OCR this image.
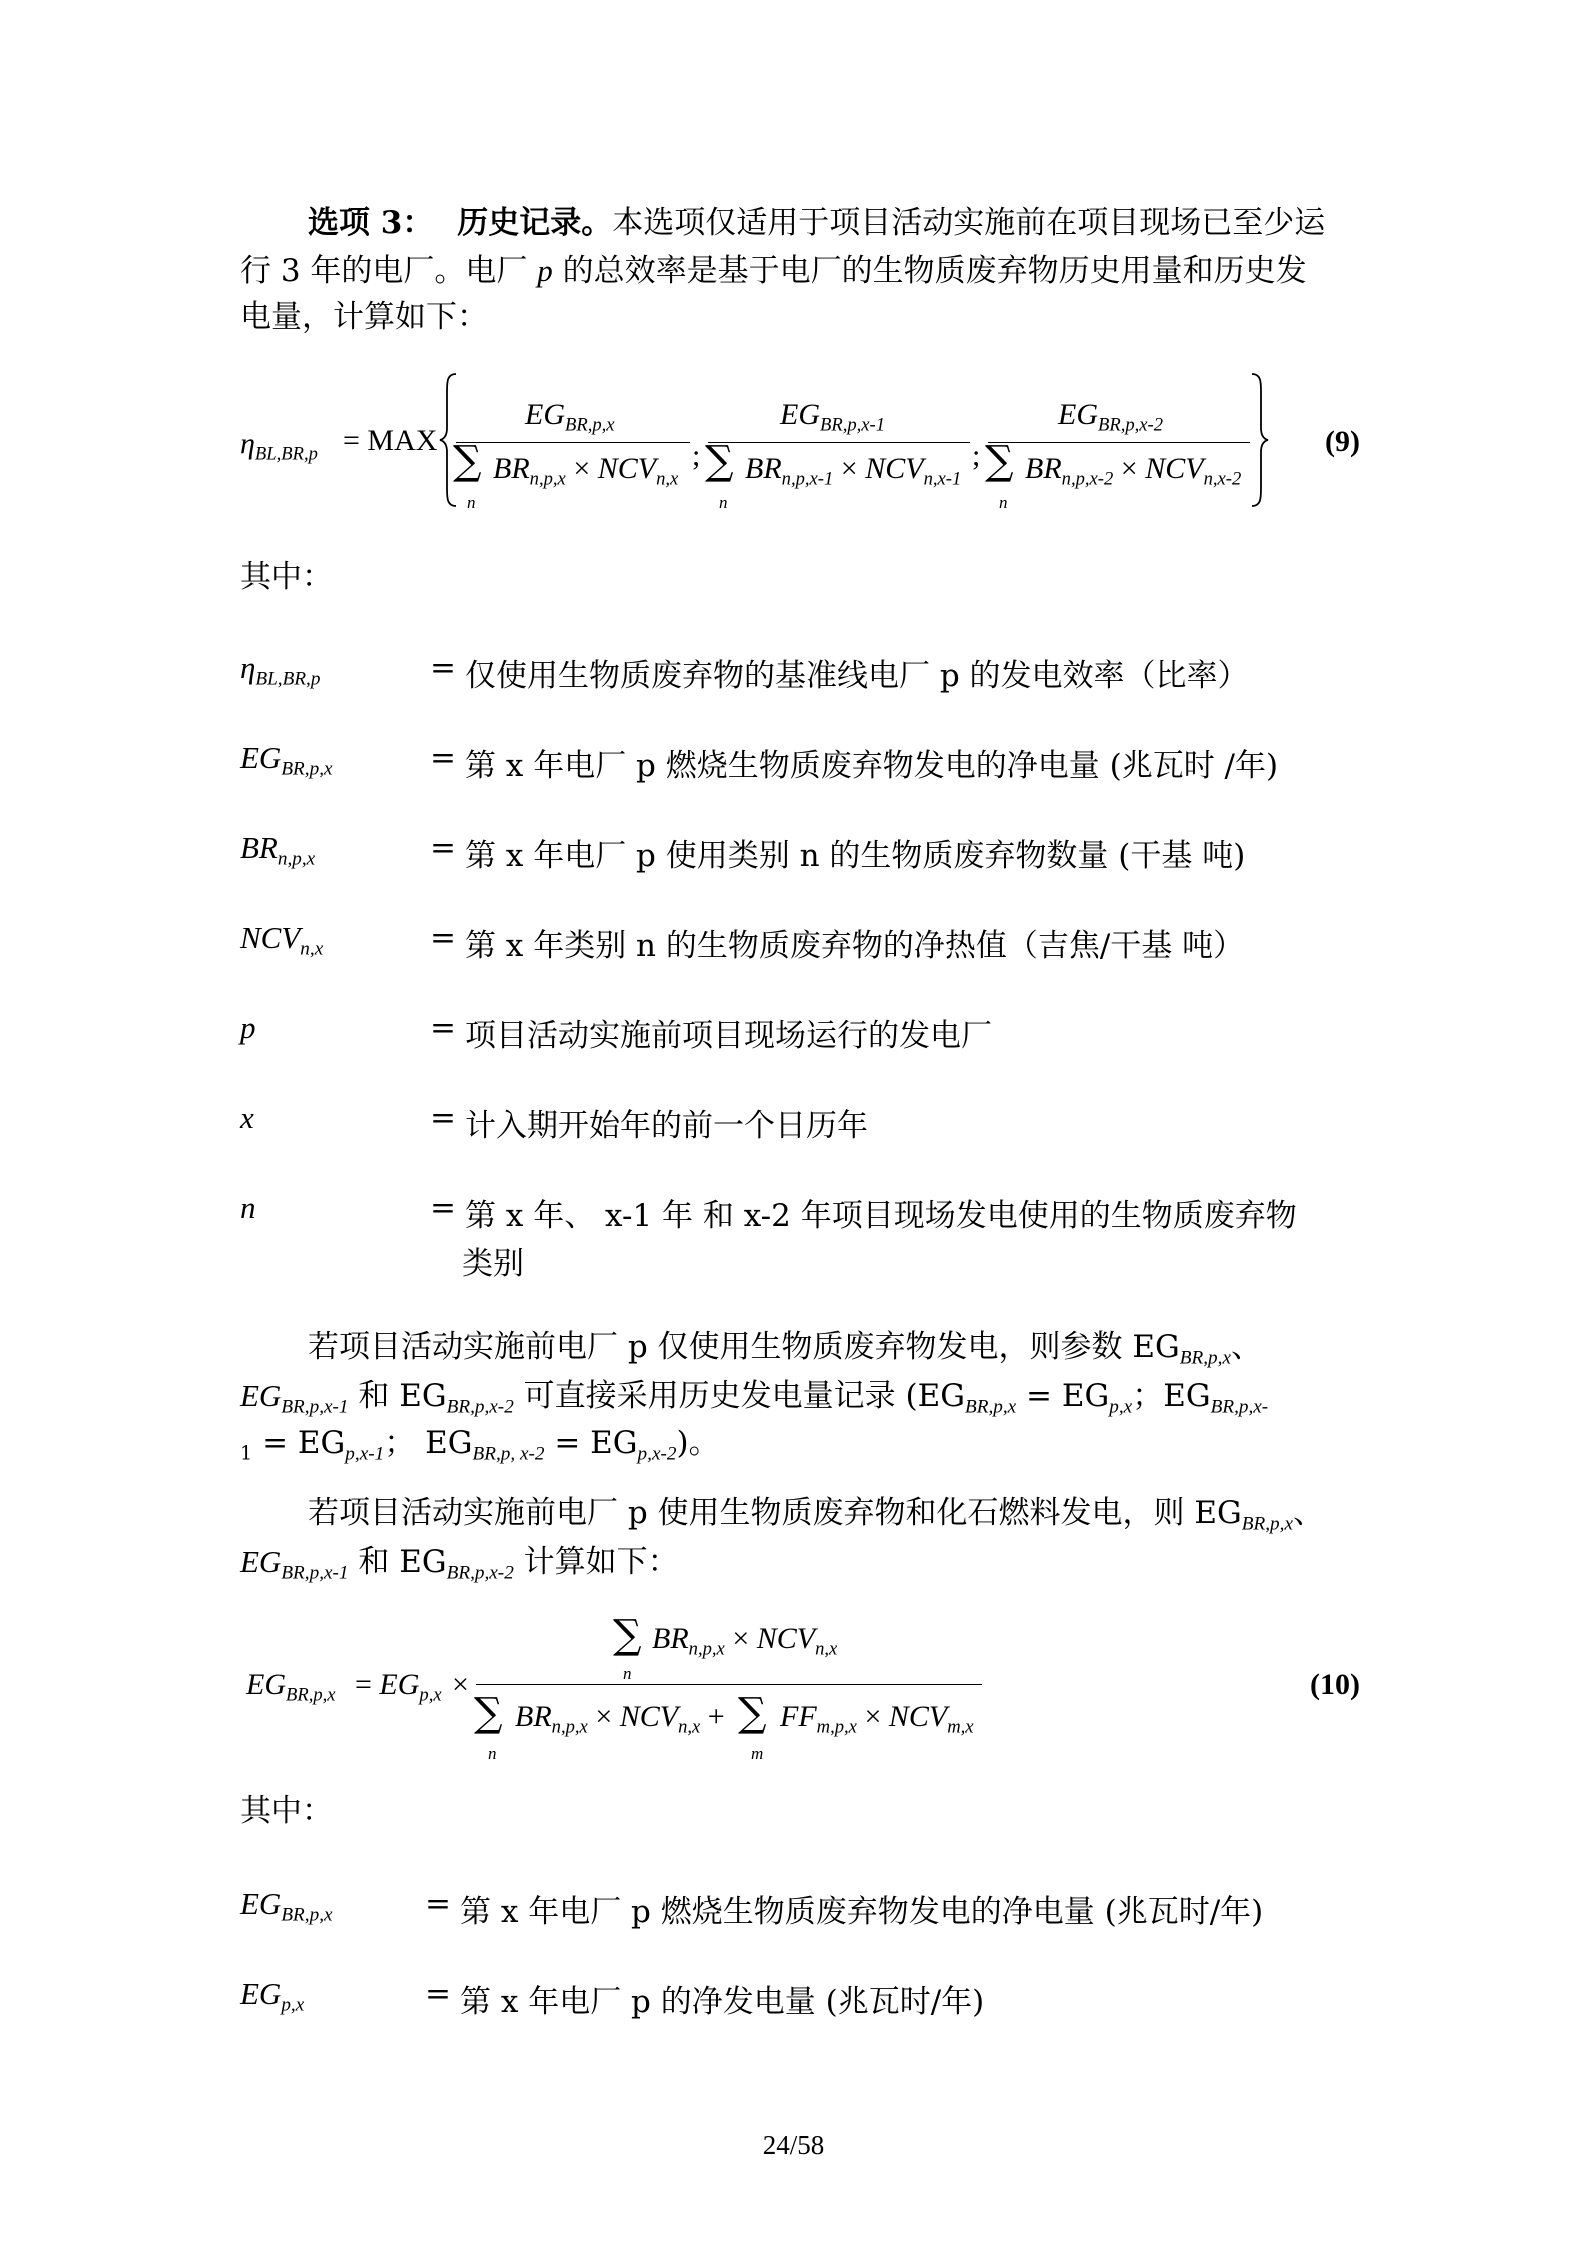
选项 3： 历史记录。本选项仅适用于项目活动实施前在项目现场已至少运
行 3 年的电厂。电厂 p 的总效率是基于电厂的生物质废弃物历史用量和历史发
电量，计算如下：
$\eta_{BL,BR,p}$ = MAX
$EG_{BR,p,x}$
∑
n
$BR_{n,p,x} \times NCV_{n,x}$
;
$EG_{BR,p,x-1}$
∑
n
$BR_{n,p,x-1} \times NCV_{n,x-1}$
;
$EG_{BR,p,x-2}$
∑
n
$BR_{n,p,x-2} \times NCV_{n,x-2}$
(9)
其中：
$\eta_{BL,BR,p}$	= 仅使用生物质废弃物的基准线电厂 p 的发电效率（比率）
$EG_{BR,p,x}$	= 第 x 年电厂 p 燃烧生物质废弃物发电的净电量 (兆瓦时 /年)
$BR_{n,p,x}$	= 第 x 年电厂 p 使用类别 n 的生物质废弃物数量 (干基 吨)
$NCV_{n,x}$	= 第 x 年类别 n 的生物质废弃物的净热值（吉焦/干基 吨）
p	= 项目活动实施前项目现场运行的发电厂
x	= 计入期开始年的前一个日历年
n	= 第 x 年、 x-1 年 和 x-2 年项目现场发电使用的生物质废弃物
类别
若项目活动实施前电厂 p 仅使用生物质废弃物发电，则参数 $EG_{BR,p,x}$、
$EG_{BR,p,x-1}$ 和 $EG_{BR,p,x-2}$ 可直接采用历史发电量记录 ($EG_{BR,p,x} = EG_{p,x}$；$EG_{BR,p,x-}$
$_1 = EG_{p,x-1}$； $EG_{BR,p, x-2} = EG_{p,x-2}$)。
若项目活动实施前电厂 p 使用生物质废弃物和化石燃料发电，则 $EG_{BR,p,x}$、
$EG_{BR,p,x-1}$ 和 $EG_{BR,p,x-2}$ 计算如下：
$EG_{BR,p,x} = EG_{p,x}$ ×
∑
n
$BR_{n,p,x} \times NCV_{n,x}$
∑
n
$BR_{n,p,x} \times NCV_{n,x}$ + ∑
m
$FF_{m,p,x} \times NCV_{m,x}$
(10)
其中：
$EG_{BR,p,x}$	= 第 x 年电厂 p 燃烧生物质废弃物发电的净电量 (兆瓦时/年)
$EG_{p,x}$	= 第 x 年电厂 p 的净发电量 (兆瓦时/年)
24/58
